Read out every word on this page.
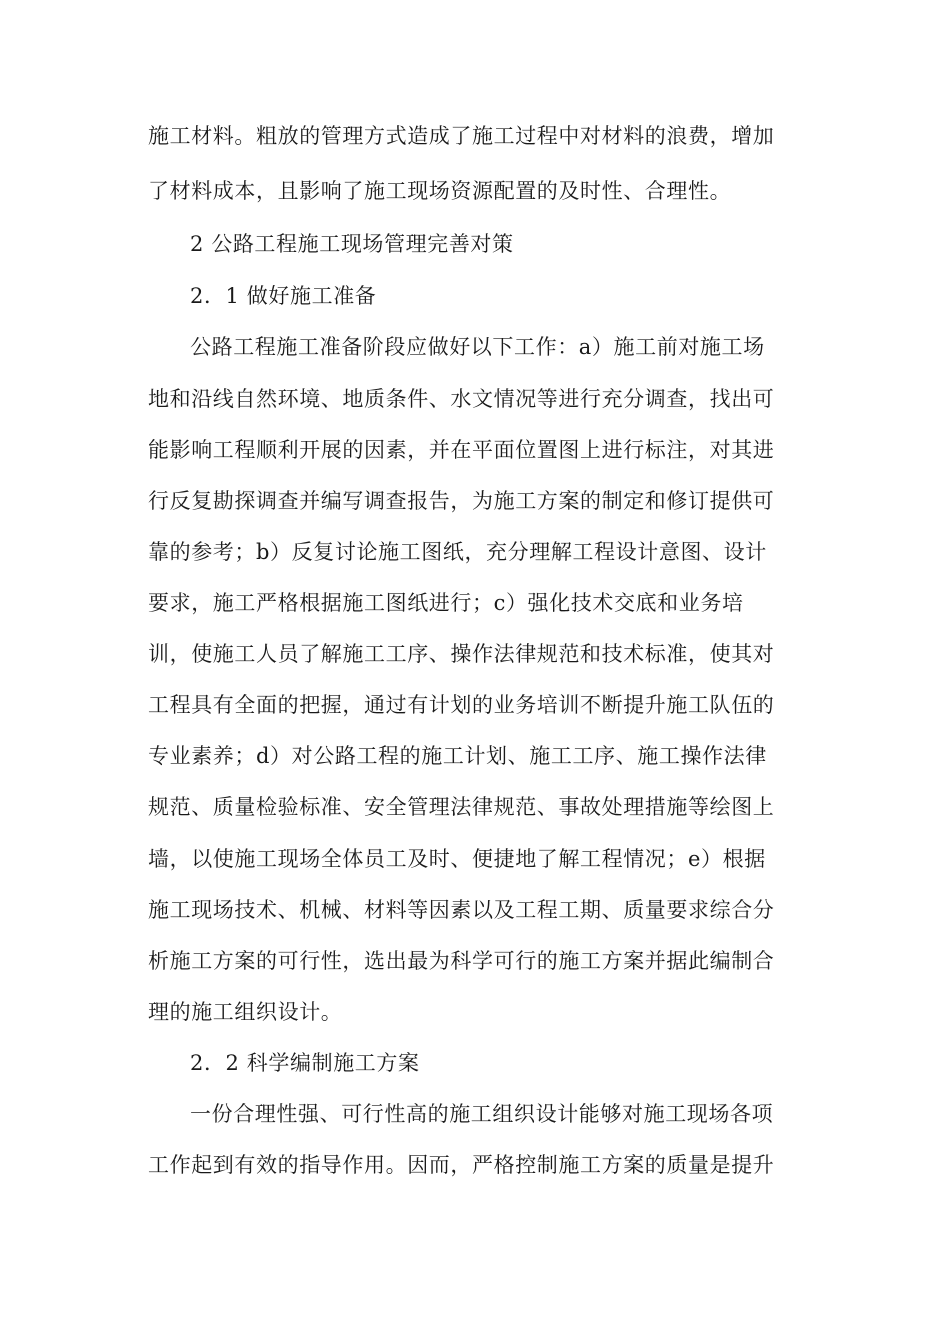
施工材料。粗放的管理方式造成了施工过程中对材料的浪费，增加
了材料成本，且影响了施工现场资源配置的及时性、合理性。
2 公路工程施工现场管理完善对策
2．1 做好施工准备
公路工程施工准备阶段应做好以下工作：a）施工前对施工场
地和沿线自然环境、地质条件、水文情况等进行充分调查，找出可
能影响工程顺利开展的因素，并在平面位置图上进行标注，对其进
行反复勘探调查并编写调查报告，为施工方案的制定和修订提供可
靠的参考；b）反复讨论施工图纸，充分理解工程设计意图、设计
要求，施工严格根据施工图纸进行；c）强化技术交底和业务培
训，使施工人员了解施工工序、操作法律规范和技术标准，使其对
工程具有全面的把握，通过有计划的业务培训不断提升施工队伍的
专业素养；d）对公路工程的施工计划、施工工序、施工操作法律
规范、质量检验标准、安全管理法律规范、事故处理措施等绘图上
墙，以使施工现场全体员工及时、便捷地了解工程情况；e）根据
施工现场技术、机械、材料等因素以及工程工期、质量要求综合分
析施工方案的可行性，选出最为科学可行的施工方案并据此编制合
理的施工组织设计。
2．2 科学编制施工方案
一份合理性强、可行性高的施工组织设计能够对施工现场各项
工作起到有效的指导作用。因而，严格控制施工方案的质量是提升
